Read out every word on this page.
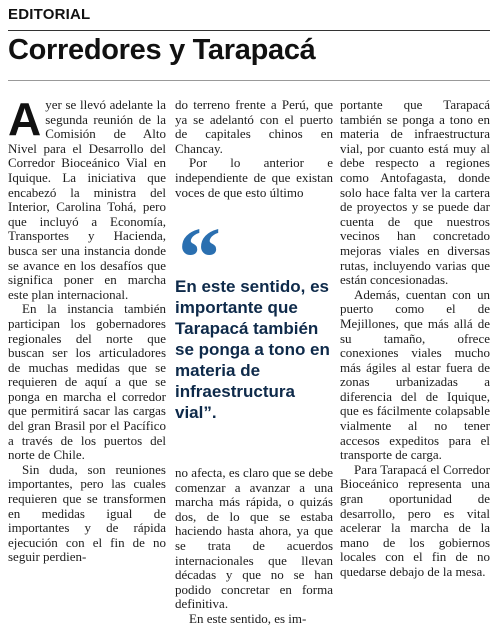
EDITORIAL
Corredores y Tarapacá

Ayer se llevó adelante la segunda reunión de la Comisión de Alto Nivel para el Desarrollo del Corredor Bioceánico Vial en Iquique. La iniciativa que encabezó la ministra del Interior, Carolina Tohá, pero que incluyó a Economía, Transportes y Hacienda, busca ser una instancia donde se avance en los desafíos que significa poner en marcha este plan internacional.

En la instancia también participan los gobernadores regionales del norte que buscan ser los articuladores de muchas medidas que se requieren de aquí a que se ponga en marcha el corredor que permitirá sacar las cargas del gran Brasil por el Pacífico a través de los puertos del norte de Chile.

Sin duda, son reuniones importantes, pero las cuales requieren que se transformen en medidas igual de importantes y de rápida ejecución con el fin de no seguir perdien-

do terreno frente a Perú, que ya se adelantó con el puerto de capitales chinos en Chancay.

Por lo anterior e independiente de que existan voces de que esto último

“

En este sentido, es importante que Tarapacá también se ponga a tono en materia de infraestructura vial”.

no afecta, es claro que se debe comenzar a avanzar a una marcha más rápida, o quizás dos, de lo que se estaba haciendo hasta ahora, ya que se trata de acuerdos internacionales que llevan décadas y que no se han podido concretar en forma definitiva.

En este sentido, es im-

portante que Tarapacá también se ponga a tono en materia de infraestructura vial, por cuanto está muy al debe respecto a regiones como Antofagasta, donde solo hace falta ver la cartera de proyectos y se puede dar cuenta de que nuestros vecinos han concretado mejoras viales en diversas rutas, incluyendo varias que están concesionadas.

Además, cuentan con un puerto como el de Mejillones, que más allá de su tamaño, ofrece conexiones viales mucho más ágiles al estar fuera de zonas urbanizadas a diferencia del de Iquique, que es fácilmente colapsable vialmente al no tener accesos expeditos para el transporte de carga.

Para Tarapacá el Corredor Bioceánico representa una gran oportunidad de desarrollo, pero es vital acelerar la marcha de la mano de los gobiernos locales con el fin de no quedarse debajo de la mesa.
